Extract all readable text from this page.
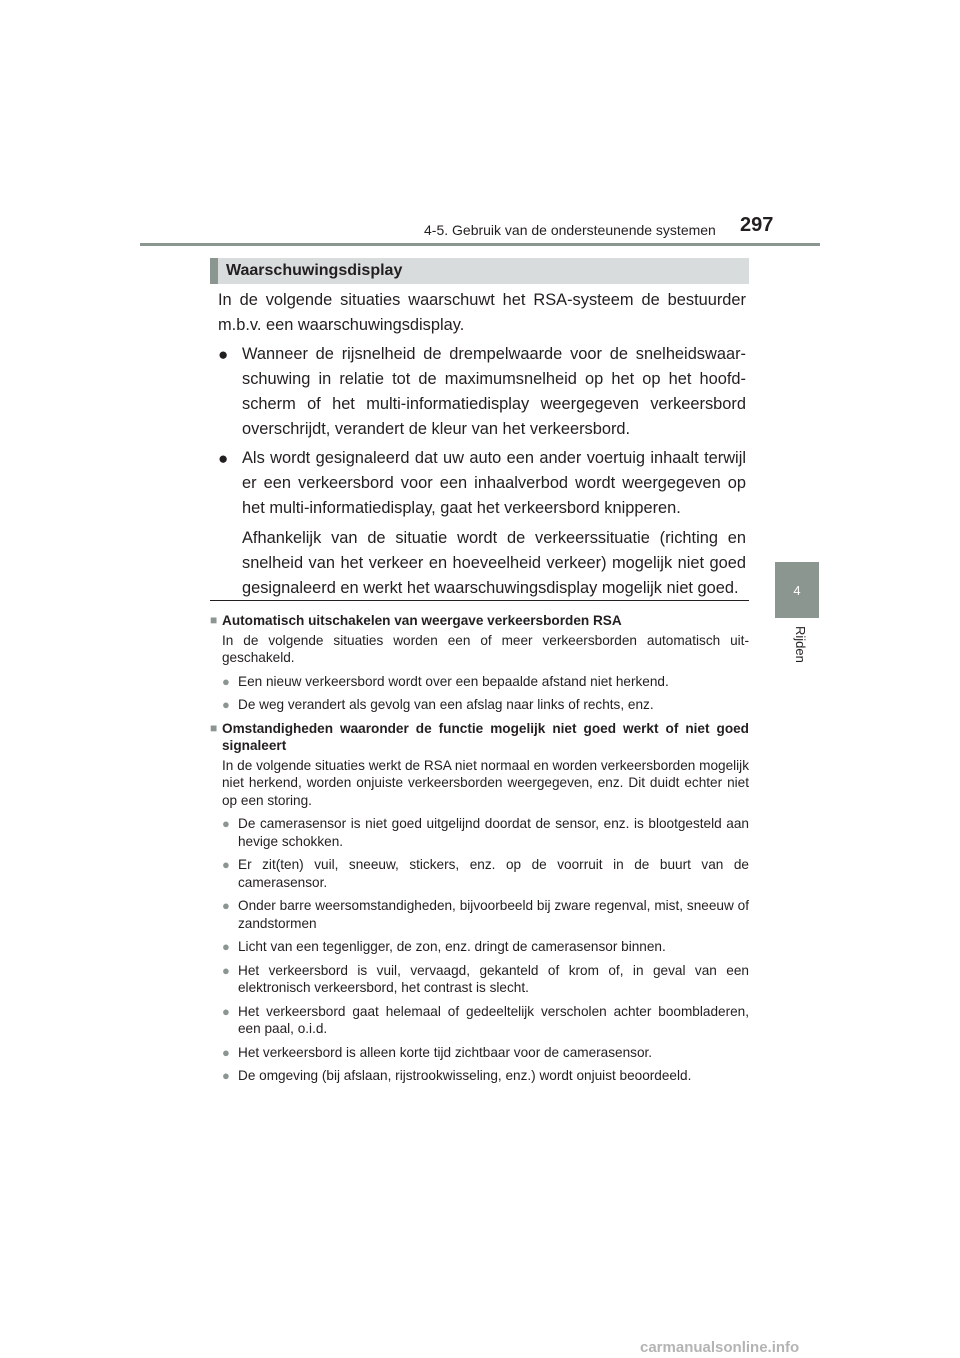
4-5. Gebruik van de ondersteunende systemen 297
4
Rijden
Waarschuwingsdisplay

In de volgende situaties waarschuwt het RSA-systeem de bestuurder m.b.v. een waarschuwingsdisplay.

● Wanneer de rijsnelheid de drempelwaarde voor de snelheidswaarschuwing in relatie tot de maximumsnelheid op het op het hoofdscherm of het multi-informatiedisplay weergegeven verkeersbord overschrijdt, verandert de kleur van het verkeersbord.
● Als wordt gesignaleerd dat uw auto een ander voertuig inhaalt terwijl er een verkeersbord voor een inhaalverbod wordt weergegeven op het multi-informatiedisplay, gaat het verkeersbord knipperen.

Afhankelijk van de situatie wordt de verkeerssituatie (richting en snelheid van het verkeer en hoeveelheid verkeer) mogelijk niet goed gesignaleerd en werkt het waarschuwingsdisplay mogelijk niet goed.

■ Automatisch uitschakelen van weergave verkeersborden RSA

In de volgende situaties worden een of meer verkeersborden automatisch uitgeschakeld.

● Een nieuw verkeersbord wordt over een bepaalde afstand niet herkend.
● De weg verandert als gevolg van een afslag naar links of rechts, enz.
■ Omstandigheden waaronder de functie mogelijk niet goed werkt of niet goed signaleert

In de volgende situaties werkt de RSA niet normaal en worden verkeersborden mogelijk niet herkend, worden onjuiste verkeersborden weergegeven, enz. Dit duidt echter niet op een storing.

● De camerasensor is niet goed uitgelijnd doordat de sensor, enz. is blootgesteld aan hevige schokken.
● Er zit(ten) vuil, sneeuw, stickers, enz. op de voorruit in de buurt van de camerasensor.
● Onder barre weersomstandigheden, bijvoorbeeld bij zware regenval, mist, sneeuw of zandstormen
● Licht van een tegenligger, de zon, enz. dringt de camerasensor binnen.
● Het verkeersbord is vuil, vervaagd, gekanteld of krom of, in geval van een elektronisch verkeersbord, het contrast is slecht.
● Het verkeersbord gaat helemaal of gedeeltelijk verscholen achter boombladeren, een paal, o.i.d.
● Het verkeersbord is alleen korte tijd zichtbaar voor de camerasensor.
● De omgeving (bij afslaan, rijstrookwisseling, enz.) wordt onjuist beoordeeld.
carmanualsonline.info
